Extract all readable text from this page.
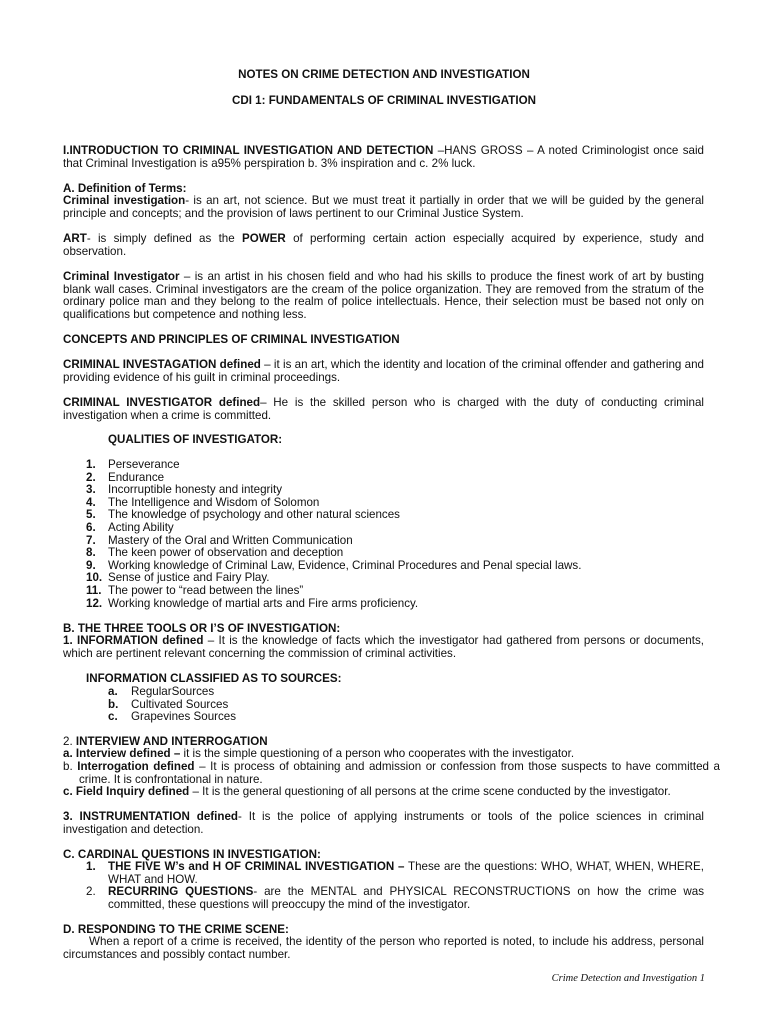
NOTES ON CRIME DETECTION AND INVESTIGATION
CDI 1: FUNDAMENTALS OF CRIMINAL INVESTIGATION
I.INTRODUCTION TO CRIMINAL INVESTIGATION AND DETECTION –HANS GROSS – A noted Criminologist once said that Criminal Investigation is a95% perspiration b. 3% inspiration and c. 2% luck.
A. Definition of Terms:
Criminal investigation- is an art, not science. But we must treat it partially in order that we will be guided by the general principle and concepts; and the provision of laws pertinent to our Criminal Justice System.
ART- is simply defined as the POWER of performing certain action especially acquired by experience, study and observation.
Criminal Investigator – is an artist in his chosen field and who had his skills to produce the finest work of art by busting blank wall cases. Criminal investigators are the cream of the police organization. They are removed from the stratum of the ordinary police man and they belong to the realm of police intellectuals. Hence, their selection must be based not only on qualifications but competence and nothing less.
CONCEPTS AND PRINCIPLES OF CRIMINAL INVESTIGATION
CRIMINAL INVESTAGATION defined – it is an art, which the identity and location of the criminal offender and gathering and providing evidence of his guilt in criminal proceedings.
CRIMINAL INVESTIGATOR defined– He is the skilled person who is charged with the duty of conducting criminal investigation when a crime is committed.
QUALITIES OF INVESTIGATOR:
1.	Perseverance
2.	Endurance
3.	Incorruptible honesty and integrity
4.	The Intelligence and Wisdom of Solomon
5.	The knowledge of psychology and other natural sciences
6.	Acting Ability
7.	Mastery of the Oral and Written Communication
8.	The keen power of observation and deception
9.	Working knowledge of Criminal Law, Evidence, Criminal Procedures and Penal special laws.
10. Sense of justice and Fairy Play.
11. The power to “read between the lines”
12. Working knowledge of martial arts and Fire arms proficiency.
B. THE THREE TOOLS OR I’S OF INVESTIGATION:
1. INFORMATION defined – It is the knowledge of facts which the investigator had gathered from persons or documents, which are pertinent relevant concerning the commission of criminal activities.
INFORMATION CLASSIFIED AS TO SOURCES:
a.	RegularSources
b.	Cultivated Sources
c.	Grapevines Sources
2. INTERVIEW AND INTERROGATION
a. Interview defined – it is the simple questioning of a person who cooperates with the investigator.
b. Interrogation defined – It is process of obtaining and admission or confession from those suspects to have committed a crime. It is confrontational in nature.
c. Field Inquiry defined – It is the general questioning of all persons at the crime scene conducted by the investigator.
3. INSTRUMENTATION defined- It is the police of applying instruments or tools of the police sciences in criminal investigation and detection.
C. CARDINAL QUESTIONS IN INVESTIGATION:
1.	THE FIVE W’s and H OF CRIMINAL INVESTIGATION – These are the questions: WHO, WHAT, WHEN, WHERE, WHAT and HOW.
2.	RECURRING QUESTIONS- are the MENTAL and PHYSICAL RECONSTRUCTIONS on how the crime was committed, these questions will preoccupy the mind of the investigator.
D. RESPONDING TO THE CRIME SCENE:
When a report of a crime is received, the identity of the person who reported is noted, to include his address, personal circumstances and possibly contact number.
Crime Detection and Investigation 1
